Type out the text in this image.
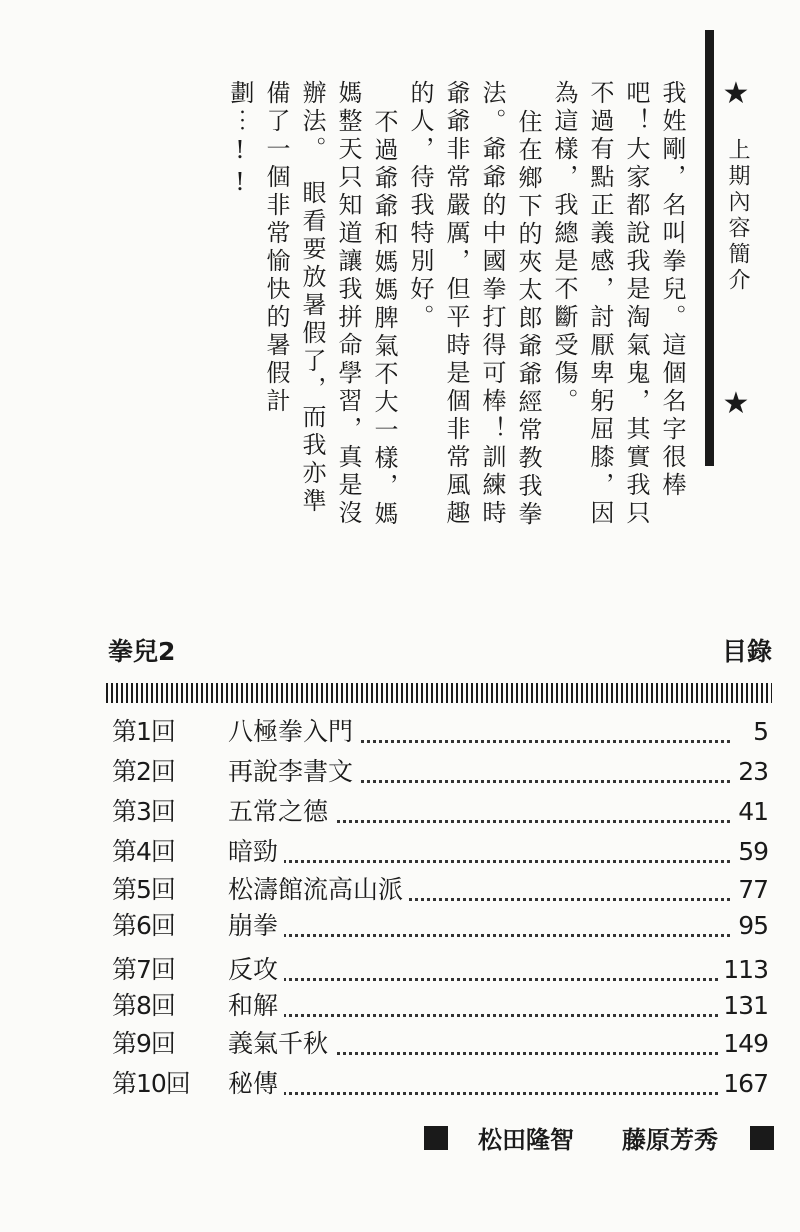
★
上期內容簡介
★

我姓剛，名叫拳兒。這個名字很棒吧！大家都說我是淘氣鬼，其實我只不過有點正義感，討厭卑躬屈膝，因為這樣，我總是不斷受傷。

住在鄉下的夾太郎爺爺經常教我拳法。爺爺的中國拳打得可棒！訓練時爺爺非常嚴厲，但平時是個非常風趣的人，待我特別好。

不過爺爺和媽媽脾氣不大一樣，媽媽整天只知道讓我拼命學習，真是沒辦法。　眼看要放暑假了，而我亦準備了一個非常愉快的暑假計劃⋯!!

拳兒2	目錄
第1回 八極拳入門	5
第2回 再說李書文	23
第3回 五常之德	41
第4回 暗勁	59
第5回 松濤館流高山派	77
第6回 崩拳	95
第7回 反攻	113
第8回 和解	131
第9回 義氣千秋	149
第10回 秘傳	167
松田隆智 藤原芳秀
